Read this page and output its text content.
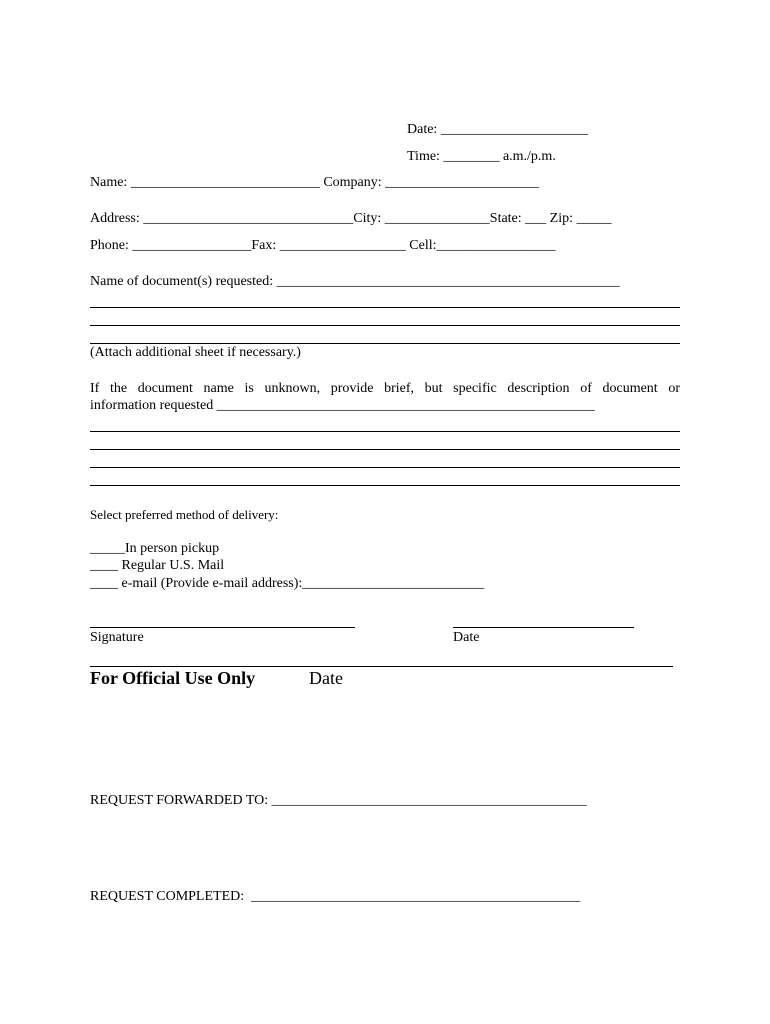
Date: _____________________

Time: ________ a.m./p.m.

Name: ___________________________ Company: ______________________

Address: ______________________________City: _______________State: ___ Zip: _____

Phone: _________________Fax: __________________ Cell:_________________

Name of document(s) requested: _________________________________________________

(Attach additional sheet if necessary.)

If the document name is unknown, provide brief, but specific description of document or

information requested ______________________________________________________

Select preferred method of delivery:

_____In person pickup

____ Regular U.S. Mail

____ e-mail (Provide e-mail address):__________________________

Signature	Date

For Official Use Only	Date

REQUEST FORWARDED TO: _____________________________________________

REQUEST COMPLETED:  _______________________________________________
